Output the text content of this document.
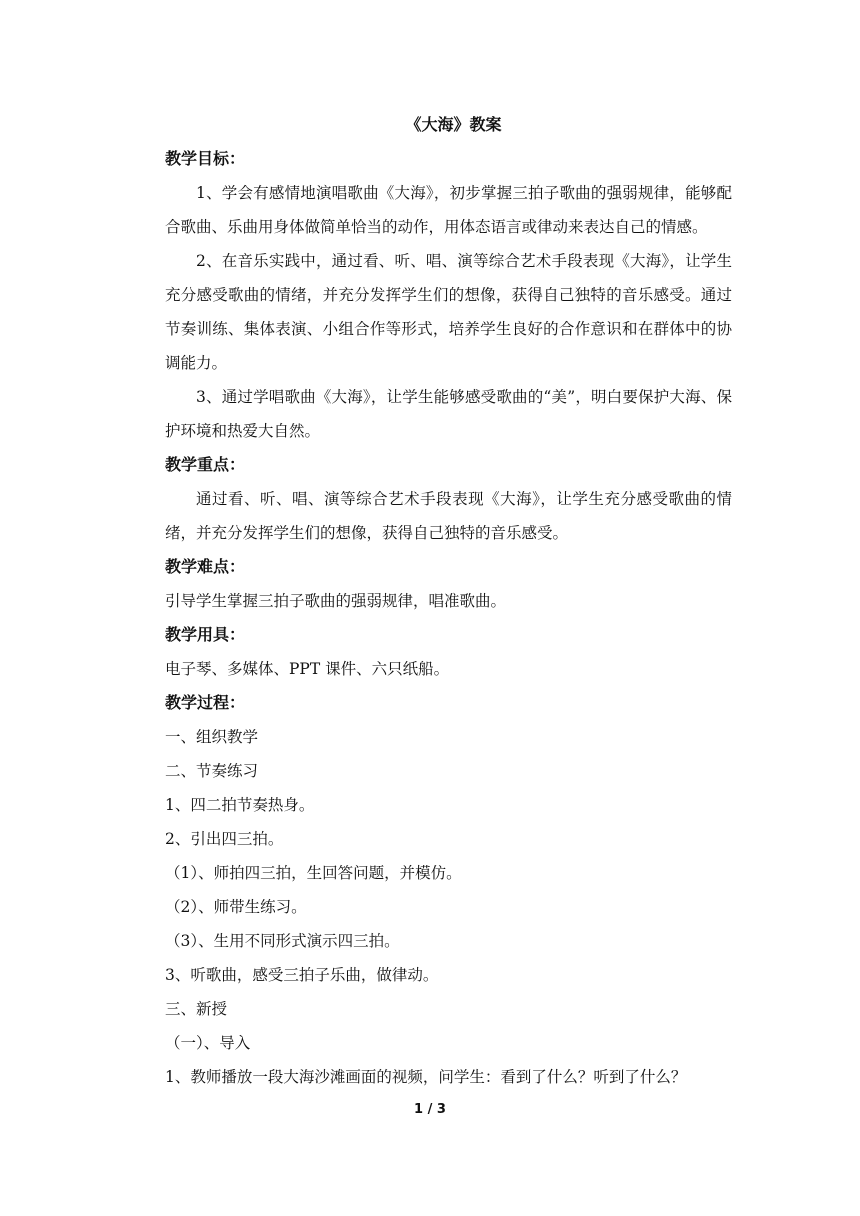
《大海》教案

教学目标：

1、学会有感情地演唱歌曲《大海》，初步掌握三拍子歌曲的强弱规律，能够配合歌曲、乐曲用身体做简单恰当的动作，用体态语言或律动来表达自己的情感。

2、在音乐实践中，通过看、听、唱、演等综合艺术手段表现《大海》，让学生充分感受歌曲的情绪，并充分发挥学生们的想像，获得自己独特的音乐感受。通过节奏训练、集体表演、小组合作等形式，培养学生良好的合作意识和在群体中的协调能力。

3、通过学唱歌曲《大海》，让学生能够感受歌曲的“美”，明白要保护大海、保护环境和热爱大自然。

教学重点：

通过看、听、唱、演等综合艺术手段表现《大海》，让学生充分感受歌曲的情绪，并充分发挥学生们的想像，获得自己独特的音乐感受。

教学难点：

引导学生掌握三拍子歌曲的强弱规律，唱准歌曲。

教学用具：

电子琴、多媒体、PPT 课件、六只纸船。

教学过程：

一、组织教学

二、节奏练习

1、四二拍节奏热身。

2、引出四三拍。

（1）、师拍四三拍，生回答问题，并模仿。

（2）、师带生练习。

（3）、生用不同形式演示四三拍。

3、听歌曲，感受三拍子乐曲，做律动。

三、新授

（一）、导入

1、教师播放一段大海沙滩画面的视频，问学生：看到了什么？听到了什么？

1 / 3
